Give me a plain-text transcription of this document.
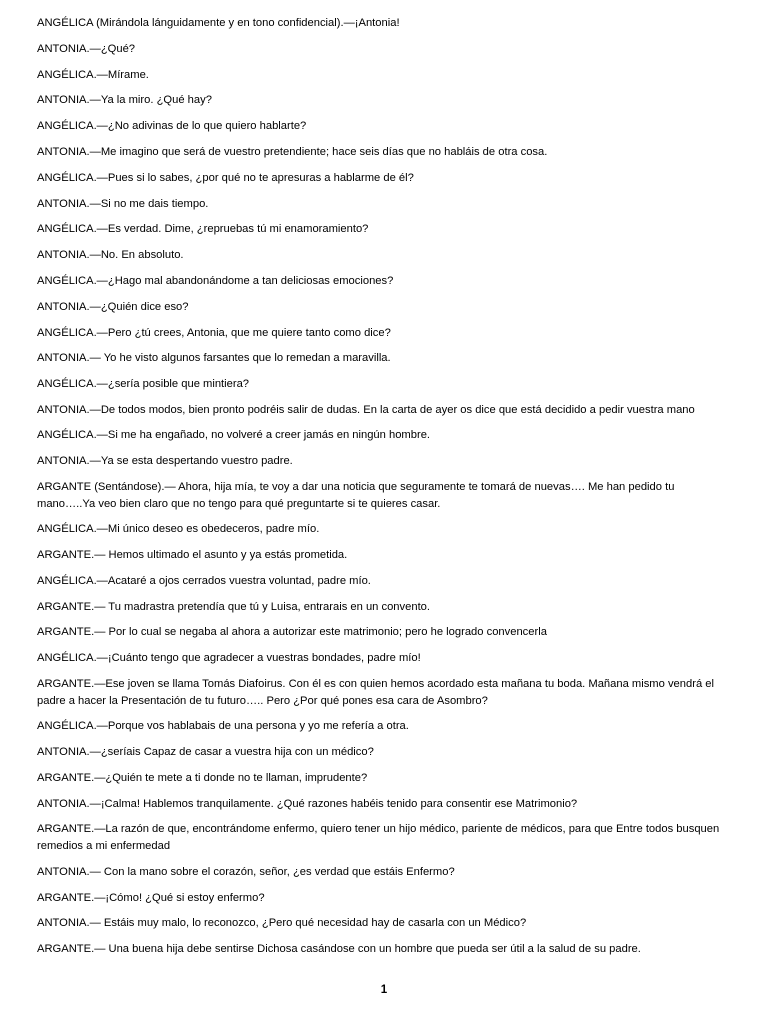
ANGÉLICA (Mirándola lánguidamente y en tono confidencial).—¡Antonia!

ANTONIA.—¿Qué?

ANGÉLICA.—Mírame.

ANTONIA.—Ya la miro. ¿Qué hay?

ANGÉLICA.—¿No adivinas de lo que quiero hablarte?

ANTONIA.—Me imagino que será de vuestro pretendiente; hace seis días que no habláis de otra cosa.

ANGÉLICA.—Pues si lo sabes, ¿por qué no te apresuras a hablarme de él?

ANTONIA.—Si no me dais tiempo.

ANGÉLICA.—Es verdad. Dime, ¿repruebas tú mi enamoramiento?

ANTONIA.—No. En absoluto.

ANGÉLICA.—¿Hago mal abandonándome a tan deliciosas emociones?

ANTONIA.—¿Quién dice eso?

ANGÉLICA.—Pero ¿tú crees, Antonia, que me quiere tanto como dice?

ANTONIA.— Yo he visto algunos farsantes que lo remedan a maravilla.

ANGÉLICA.—¿sería posible que mintiera?

ANTONIA.—De todos modos, bien pronto podréis salir de dudas. En la carta de ayer os dice que está decidido a pedir vuestra mano

ANGÉLICA.—Si me ha engañado, no volveré a creer jamás en ningún hombre.

ANTONIA.—Ya se esta despertando vuestro padre.

ARGANTE (Sentándose).— Ahora, hija mía, te voy a dar una noticia que seguramente te tomará de nuevas…. Me han pedido tu mano…..Ya veo bien claro que no tengo para qué preguntarte si te quieres casar.

ANGÉLICA.—Mi único deseo es obedeceros, padre mío.

ARGANTE.— Hemos ultimado el asunto y ya estás prometida.

ANGÉLICA.—Acataré a ojos cerrados vuestra voluntad, padre mío.

ARGANTE.— Tu madrastra pretendía que tú y Luisa, entrarais en un convento.

ARGANTE.— Por lo cual se negaba al ahora a autorizar este matrimonio; pero he logrado convencerla

ANGÉLICA.—¡Cuánto tengo que agradecer a vuestras bondades, padre mío!

ARGANTE.—Ese joven se llama Tomás Diafoirus. Con él es con quien hemos acordado esta mañana tu boda. Mañana mismo vendrá el padre a hacer la Presentación de tu futuro….. Pero ¿Por qué pones esa cara de Asombro?

ANGÉLICA.—Porque vos hablabais de una persona y yo me refería a otra.

ANTONIA.—¿seríais Capaz de casar a vuestra hija con un médico?

ARGANTE.—¿Quién te mete a ti donde no te llaman, imprudente?

ANTONIA.—¡Calma! Hablemos tranquilamente. ¿Qué razones habéis tenido para consentir ese Matrimonio?

ARGANTE.—La razón de que, encontrándome enfermo, quiero tener un hijo médico, pariente de médicos, para que Entre todos busquen remedios a mi enfermedad

ANTONIA.— Con la mano sobre el corazón, señor, ¿es verdad que estáis Enfermo?

ARGANTE.—¡Cómo! ¿Qué si estoy enfermo?

ANTONIA.— Estáis muy malo, lo reconozco, ¿Pero qué necesidad hay de casarla con un Médico?

ARGANTE.— Una buena hija debe sentirse Dichosa casándose con un hombre que pueda ser útil a la salud de su padre.

1
